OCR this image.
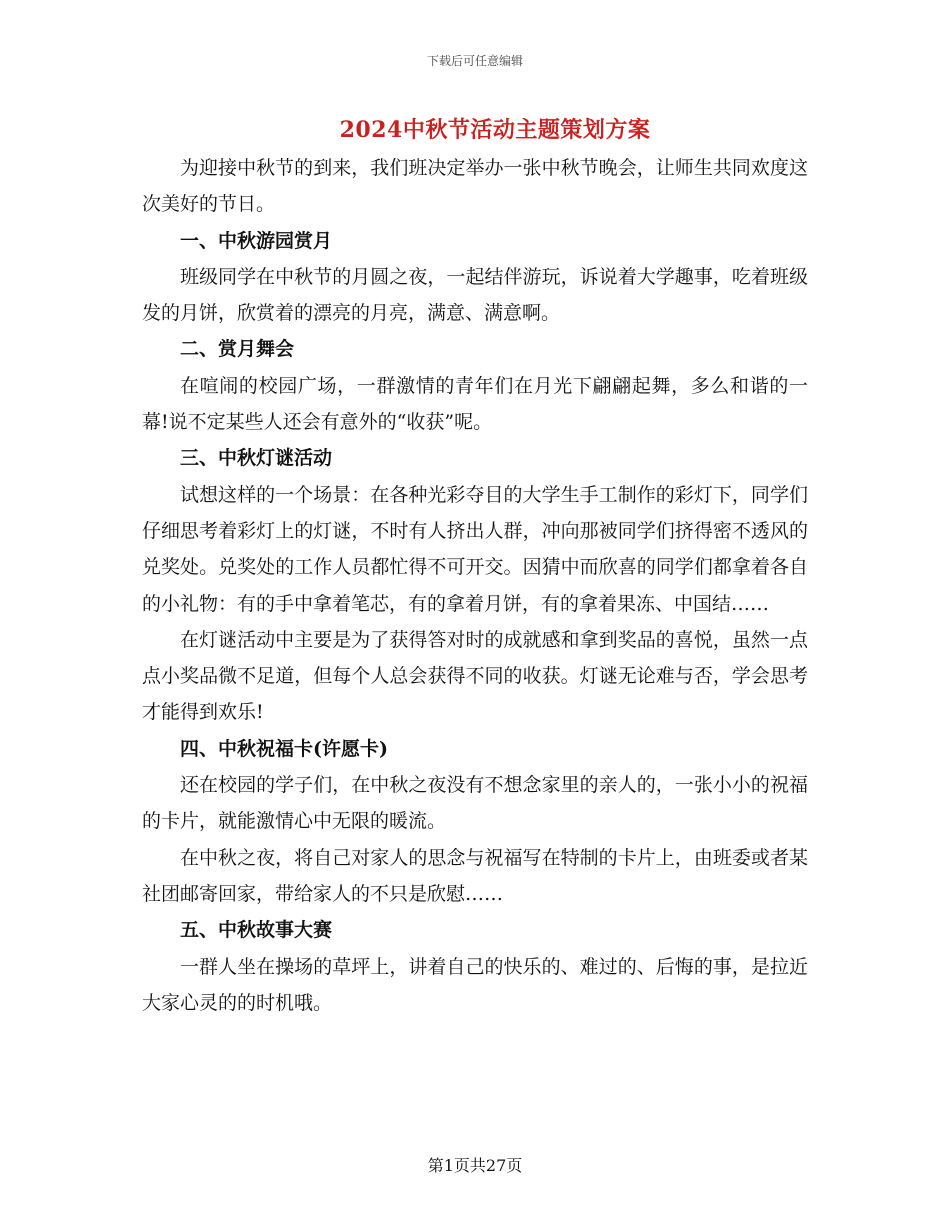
下载后可任意编辑
2024中秋节活动主题策划方案

为迎接中秋节的到来，我们班决定举办一张中秋节晚会，让师生共同欢度这次美好的节日。

一、中秋游园赏月

班级同学在中秋节的月圆之夜，一起结伴游玩，诉说着大学趣事，吃着班级发的月饼，欣赏着的漂亮的月亮，满意、满意啊。

二、赏月舞会

在喧闹的校园广场，一群激情的青年们在月光下翩翩起舞，多么和谐的一幕!说不定某些人还会有意外的“收获”呢。

三、中秋灯谜活动

试想这样的一个场景：在各种光彩夺目的大学生手工制作的彩灯下，同学们仔细思考着彩灯上的灯谜，不时有人挤出人群，冲向那被同学们挤得密不透风的兑奖处。兑奖处的工作人员都忙得不可开交。因猜中而欣喜的同学们都拿着各自的小礼物：有的手中拿着笔芯，有的拿着月饼，有的拿着果冻、中国结……

在灯谜活动中主要是为了获得答对时的成就感和拿到奖品的喜悦，虽然一点点小奖品微不足道，但每个人总会获得不同的收获。灯谜无论难与否，学会思考才能得到欢乐!

四、中秋祝福卡(许愿卡)

还在校园的学子们，在中秋之夜没有不想念家里的亲人的，一张小小的祝福的卡片，就能激情心中无限的暖流。

在中秋之夜，将自己对家人的思念与祝福写在特制的卡片上，由班委或者某社团邮寄回家，带给家人的不只是欣慰……

五、中秋故事大赛

一群人坐在操场的草坪上，讲着自己的快乐的、难过的、后悔的事，是拉近大家心灵的的时机哦。

第1页共27页
